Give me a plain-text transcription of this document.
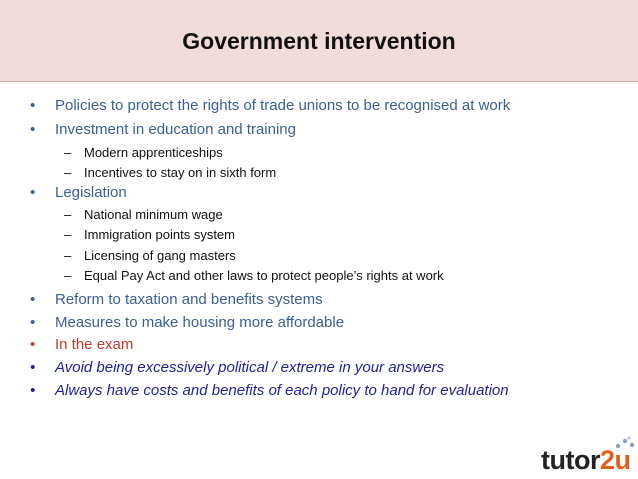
Government intervention
• Policies to protect the rights of trade unions to be recognised at work
• Investment in education and training
– Modern apprenticeships
– Incentives to stay on in sixth form
• Legislation
– National minimum wage
– Immigration points system
– Licensing of gang masters
– Equal Pay Act and other laws to protect people’s rights at work
• Reform to taxation and benefits systems
• Measures to make housing more affordable
• In the exam
• Avoid being excessively political / extreme in your answers
• Always have costs and benefits of each policy to hand for evaluation
tutor2u
